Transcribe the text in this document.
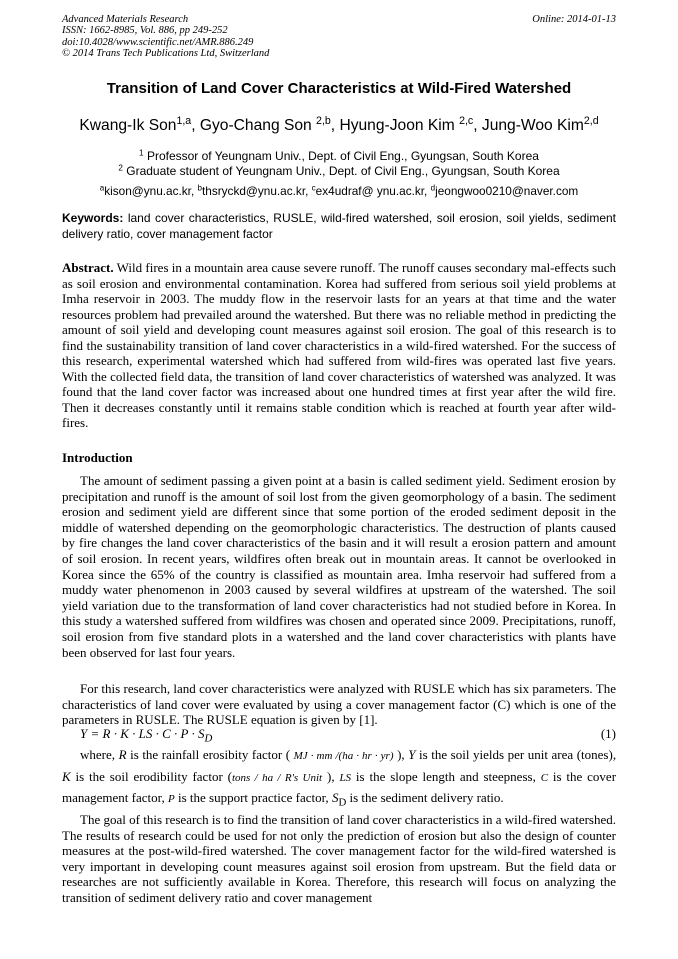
Advanced Materials Research
ISSN: 1662-8985, Vol. 886, pp 249-252
doi:10.4028/www.scientific.net/AMR.886.249
© 2014 Trans Tech Publications Ltd, Switzerland
Online: 2014-01-13
Transition of Land Cover Characteristics at Wild-Fired Watershed
Kwang-Ik Son$^{1,a}$, Gyo-Chang Son $^{2,b}$, Hyung-Joon Kim $^{2,c}$, Jung-Woo Kim$^{2,d}$
$^1$ Professor of Yeungnam Univ., Dept. of Civil Eng., Gyungsan, South Korea
$^2$ Graduate student of Yeungnam Univ., Dept. of Civil Eng., Gyungsan, South Korea
$^a$kison@ynu.ac.kr, $^b$thsryckd@ynu.ac.kr, $^c$ex4udraf@ ynu.ac.kr, $^d$jeongwoo0210@naver.com
Keywords: land cover characteristics, RUSLE, wild-fired watershed, soil erosion, soil yields, sediment delivery ratio, cover management factor
Abstract. Wild fires in a mountain area cause severe runoff. The runoff causes secondary mal-effects such as soil erosion and environmental contamination. Korea had suffered from serious soil yield problems at Imha reservoir in 2003. The muddy flow in the reservoir lasts for an years at that time and the water resources problem had prevailed around the watershed. But there was no reliable method in predicting the amount of soil yield and developing count measures against soil erosion. The goal of this research is to find the sustainability transition of land cover characteristics in a wild-fired watershed. For the success of this research, experimental watershed which had suffered from wild-fires was operated last five years. With the collected field data, the transition of land cover characteristics of watershed was analyzed. It was found that the land cover factor was increased about one hundred times at first year after the wild fire. Then it decreases constantly until it remains stable condition which is reached at fourth year after wild-fires.
Introduction

The amount of sediment passing a given point at a basin is called sediment yield. Sediment erosion by precipitation and runoff is the amount of soil lost from the given geomorphology of a basin. The sediment erosion and sediment yield are different since that some portion of the eroded sediment deposit in the middle of watershed depending on the geomorphologic characteristics. The destruction of plants caused by fire changes the land cover characteristics of the basin and it will result a erosion pattern and amount of soil erosion. In recent years, wildfires often break out in mountain areas. It cannot be overlooked in Korea since the 65% of the country is classified as mountain area. Imha reservoir had suffered from a muddy water phenomenon in 2003 caused by several wildfires at upstream of the watershed. The soil yield variation due to the transformation of land cover characteristics had not studied before in Korea. In this study a watershed suffered from wildfires was chosen and operated since 2009. Precipitations, runoff, soil erosion from five standard plots in a watershed and the land cover characteristics with plants have been observed for last four years.

For this research, land cover characteristics were analyzed with RUSLE which has six parameters. The characteristics of land cover were evaluated by using a cover management factor (C) which is one of the parameters in RUSLE. The RUSLE equation is given by [1].

Y = R · K · LS · $C \cdot P \cdot S_D$	(1)

where, R is the rainfall erosibity factor ( MJ · mm /(ha · hr · yr) ), Y is the soil yields per unit area (tones), K is the soil erodibility factor (tons / ha / R's Unit ), LS is the slope length and steepness, C is the cover management factor, P is the support practice factor, $S_D$ is the sediment delivery ratio.

The goal of this research is to find the transition of land cover characteristics in a wild-fired watershed. The results of research could be used for not only the prediction of erosion but also the design of counter measures at the post-wild-fired watershed. The cover management factor for the wild-fired watershed is very important in developing count measures against soil erosion from upstream. But the field data or researches are not sufficiently available in Korea. Therefore, this research will focus on analyzing the transition of sediment delivery ratio and cover management
